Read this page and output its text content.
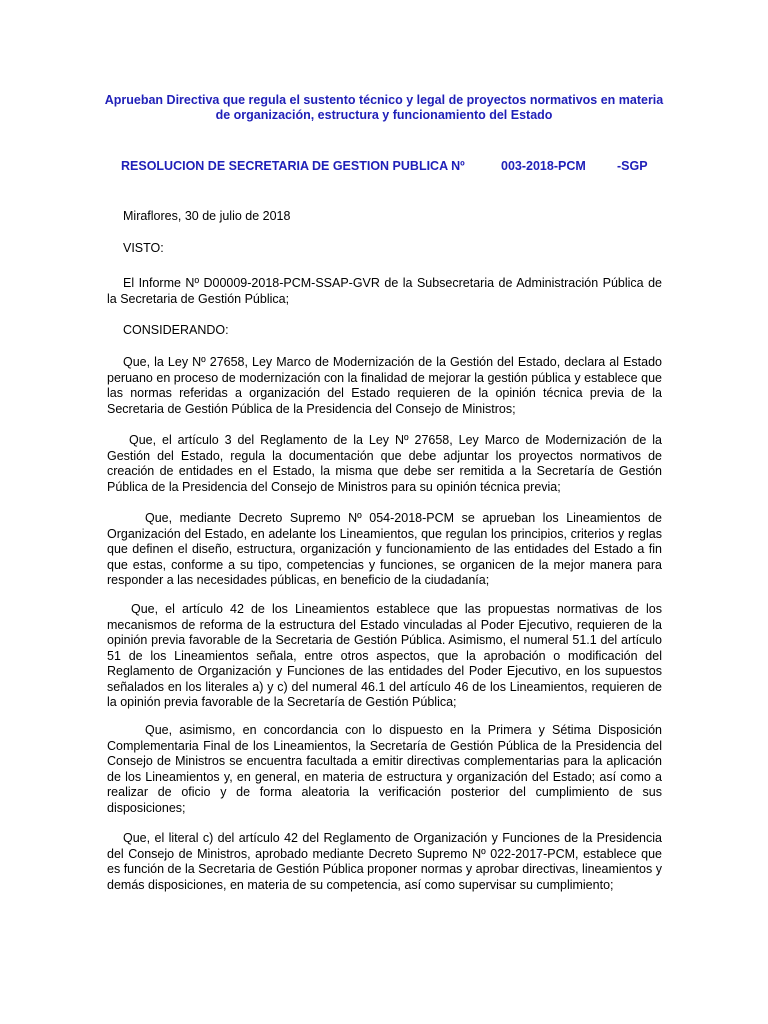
Aprueban Directiva que regula el sustento técnico y legal de proyectos normativos en materia de organización, estructura y funcionamiento del Estado
RESOLUCION DE SECRETARIA DE GESTION PUBLICA Nº	003-2018-PCM -SGP
Miraflores, 30 de julio de 2018
VISTO:
El Informe Nº D00009-2018-PCM-SSAP-GVR de la Subsecretaria de Administración Pública de la Secretaria de Gestión Pública;
CONSIDERANDO:
Que, la Ley Nº 27658, Ley Marco de Modernización de la Gestión del Estado, declara al Estado peruano en proceso de modernización con la finalidad de mejorar la gestión pública y establece que las normas referidas a organización del Estado requieren de la opinión técnica previa de la Secretaria de Gestión Pública de la Presidencia del Consejo de Ministros;
Que, el artículo 3 del Reglamento de la Ley Nº 27658, Ley Marco de Modernización de la Gestión del Estado, regula la documentación que debe adjuntar los proyectos normativos de creación de entidades en el Estado, la misma que debe ser remitida a la Secretaría de Gestión Pública de la Presidencia del Consejo de Ministros para su opinión técnica previa;
Que, mediante Decreto Supremo Nº 054-2018-PCM se aprueban los Lineamientos de Organización del Estado, en adelante los Lineamientos, que regulan los principios, criterios y reglas que definen el diseño, estructura, organización y funcionamiento de las entidades del Estado a fin que estas, conforme a su tipo, competencias y funciones, se organicen de la mejor manera para responder a las necesidades públicas, en beneficio de la ciudadanía;
Que, el artículo 42 de los Lineamientos establece que las propuestas normativas de los mecanismos de reforma de la estructura del Estado vinculadas al Poder Ejecutivo, requieren de la opinión previa favorable de la Secretaria de Gestión Pública. Asimismo, el numeral 51.1 del artículo 51 de los Lineamientos señala, entre otros aspectos, que la aprobación o modificación del Reglamento de Organización y Funciones de las entidades del Poder Ejecutivo, en los supuestos señalados en los literales a) y c) del numeral 46.1 del artículo 46 de los Lineamientos, requieren de la opinión previa favorable de la Secretaría de Gestión Pública;
Que, asimismo, en concordancia con lo dispuesto en la Primera y Sétima Disposición Complementaria Final de los Lineamientos, la Secretaría de Gestión Pública de la Presidencia del Consejo de Ministros se encuentra facultada a emitir directivas complementarias para la aplicación de los Lineamientos y, en general, en materia de estructura y organización del Estado; así como a realizar de oficio y de forma aleatoria la verificación posterior del cumplimiento de sus disposiciones;
Que, el literal c) del artículo 42 del Reglamento de Organización y Funciones de la Presidencia del Consejo de Ministros, aprobado mediante Decreto Supremo Nº 022-2017-PCM, establece que es función de la Secretaria de Gestión Pública proponer normas y aprobar directivas, lineamientos y demás disposiciones, en materia de su competencia, así como supervisar su cumplimiento;
